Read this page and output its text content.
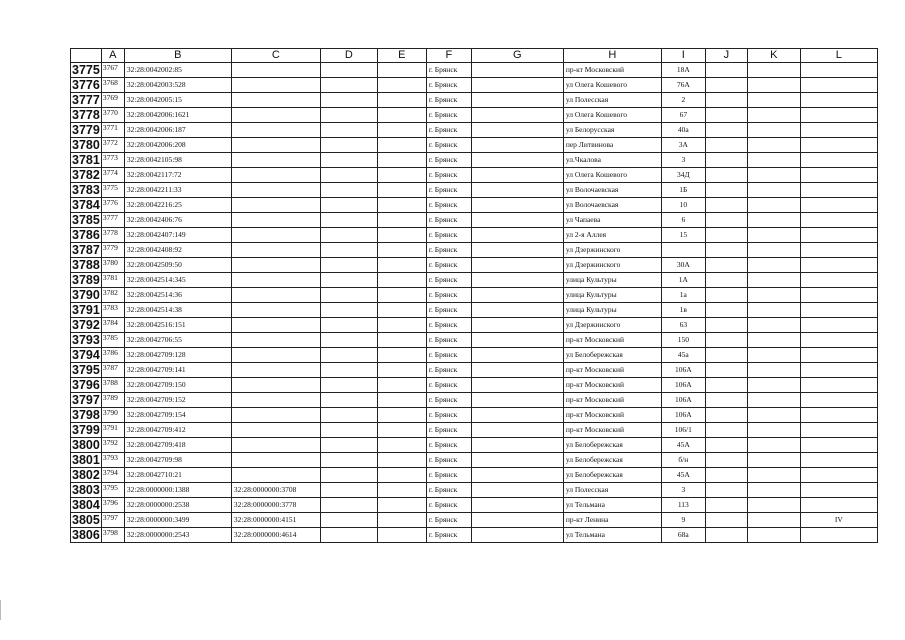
	A	B	C	D	E	F	G	H	I	J	K	L
3775	3767	32:28:0042002:85				г. Брянск		пр-кт Московский	18А			
3776	3768	32:28:0042003:528				г. Брянск		ул Олега Кошевого	76А			
3777	3769	32:28:0042005:15				г. Брянск		ул Полесская	2			
3778	3770	32:28:0042006:1621				г. Брянск		ул Олега Кошевого	67			
3779	3771	32:28:0042006:187				г. Брянск		ул Белорусская	40а			
3780	3772	32:28:0042006:208				г. Брянск		пер Литвинова	3А			
3781	3773	32:28:0042105:98				г. Брянск		ул.Чкалова	3			
3782	3774	32:28:0042117:72				г. Брянск		ул Олега Кошевого	34Д			
3783	3775	32:28:0042211:33				г. Брянск		ул Волочаевская	1Б			
3784	3776	32:28:0042216:25				г. Брянск		ул Волочаевская	10			
3785	3777	32:28:0042406:76				г. Брянск		ул Чапаева	6			
3786	3778	32:28:0042407:149				г. Брянск		ул 2-я Аллея	15			
3787	3779	32:28:0042408:92				г. Брянск		ул Дзержинского				
3788	3780	32:28:0042509:50				г. Брянск		ул Дзержинского	30А			
3789	3781	32:28:0042514:345				г. Брянск		улица Культуры	1А			
3790	3782	32:28:0042514:36				г. Брянск		улица Культуры	1а			
3791	3783	32:28:0042514:38				г. Брянск		улица Культуры	1в			
3792	3784	32:28:0042516:151				г. Брянск		ул Дзержинского	63			
3793	3785	32:28:0042706:55				г. Брянск		пр-кт Московский	150			
3794	3786	32:28:0042709:128				г. Брянск		ул Белобережская	45а			
3795	3787	32:28:0042709:141				г. Брянск		пр-кт Московский	106А			
3796	3788	32:28:0042709:150				г. Брянск		пр-кт Московский	106А			
3797	3789	32:28:0042709:152				г. Брянск		пр-кт Московский	106А			
3798	3790	32:28:0042709:154				г. Брянск		пр-кт Московский	106А			
3799	3791	32:28:0042709:412				г. Брянск		пр-кт Московский	106/1			
3800	3792	32:28:0042709:418				г. Брянск		ул Белобережская	45А			
3801	3793	32:28:0042709:98				г. Брянск		ул Белобережская	б/н			
3802	3794	32:28:0042710:21				г. Брянск		ул Белобережская	45А			
3803	3795	32:28:0000000:1388	32:28:0000000:3708			г. Брянск		ул Полесская	3			
3804	3796	32:28:0000000:2538	32:28:0000000:3778			г. Брянск		ул Тельмана	113			
3805	3797	32:28:0000000:3499	32:28:0000000:4151			г. Брянск		пр-кт Ленина	9			IV
3806	3798	32:28:0000000:2543	32:28:0000000:4614			г. Брянск		ул Тельмана	68а			
